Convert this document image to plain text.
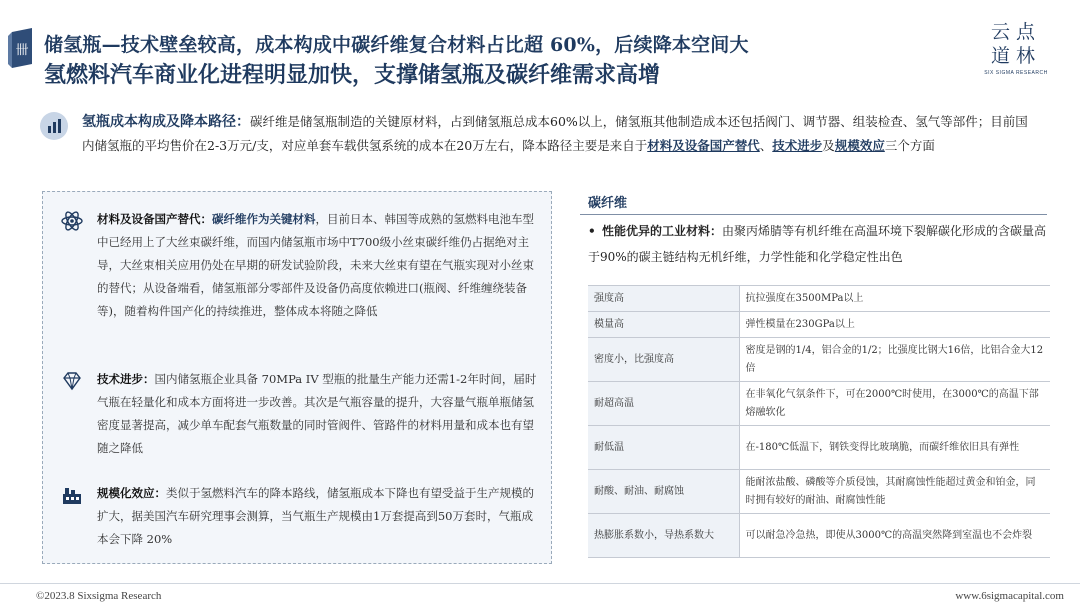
卌 储氢瓶—技术壁垒较高，成本构成中碳纤维复合材料占比超 60%，后续降本空间大
氢燃料汽车商业化进程明显加快，支撑储氢瓶及碳纤维需求高增
云点
道林
SIX SIGMA RESEARCH
氢瓶成本构成及降本路径：碳纤维是储氢瓶制造的关键原材料，占到储氢瓶总成本60%以上，储氢瓶其他制造成本还包括阀门、调节器、组装检查、氢气等部件；目前国内储氢瓶的平均售价在2-3万元/支，对应单套车载供氢系统的成本在20万左右，降本路径主要是来自于材料及设备国产替代、技术进步及规模效应三个方面
材料及设备国产替代：碳纤维作为关键材料，目前日本、韩国等成熟的氢燃料电池车型中已经用上了大丝束碳纤维，而国内储氢瓶市场中T700级小丝束碳纤维仍占据绝对主导，大丝束相关应用仍处在早期的研发试验阶段，未来大丝束有望在气瓶实现对小丝束的替代；从设备端看，储氢瓶部分零部件及设备仍高度依赖进口(瓶阀、纤维缠绕装备等)，随着构件国产化的持续推进，整体成本将随之降低
技术进步：国内储氢瓶企业具备 70MPa IV 型瓶的批量生产能力还需1-2年时间，届时气瓶在轻量化和成本方面将进一步改善。其次是气瓶容量的提升，大容量气瓶单瓶储氢密度显著提高，减少单车配套气瓶数量的同时管阀件、管路件的材料用量和成本也有望随之降低
规模化效应：类似于氢燃料汽车的降本路线，储氢瓶成本下降也有望受益于生产规模的扩大，据美国汽车研究理事会测算，当气瓶生产规模由1万套提高到50万套时，气瓶成本会下降 20%
碳纤维
• 性能优异的工业材料：由聚丙烯腈等有机纤维在高温环境下裂解碳化形成的含碳量高于90%的碳主链结构无机纤维，力学性能和化学稳定性出色
强度高	抗拉强度在3500MPa以上
模量高	弹性模量在230GPa以上
密度小，比强度高	密度是钢的1/4，铝合金的1/2；比强度比钢大16倍，比铝合金大12倍
耐超高温	在非氧化气氛条件下，可在2000℃时使用，在3000℃的高温下部熔融软化
耐低温	在-180℃低温下，钢铁变得比玻璃脆，而碳纤维依旧具有弹性
耐酸、耐油、耐腐蚀	能耐浓盐酸、磷酸等介质侵蚀，其耐腐蚀性能超过黄金和铂金，同时拥有较好的耐油、耐腐蚀性能
热膨胀系数小，导热系数大	可以耐急冷急热，即使从3000℃的高温突然降到室温也不会炸裂
©2023.8 Sixsigma Research	www.6sigmacapital.com
